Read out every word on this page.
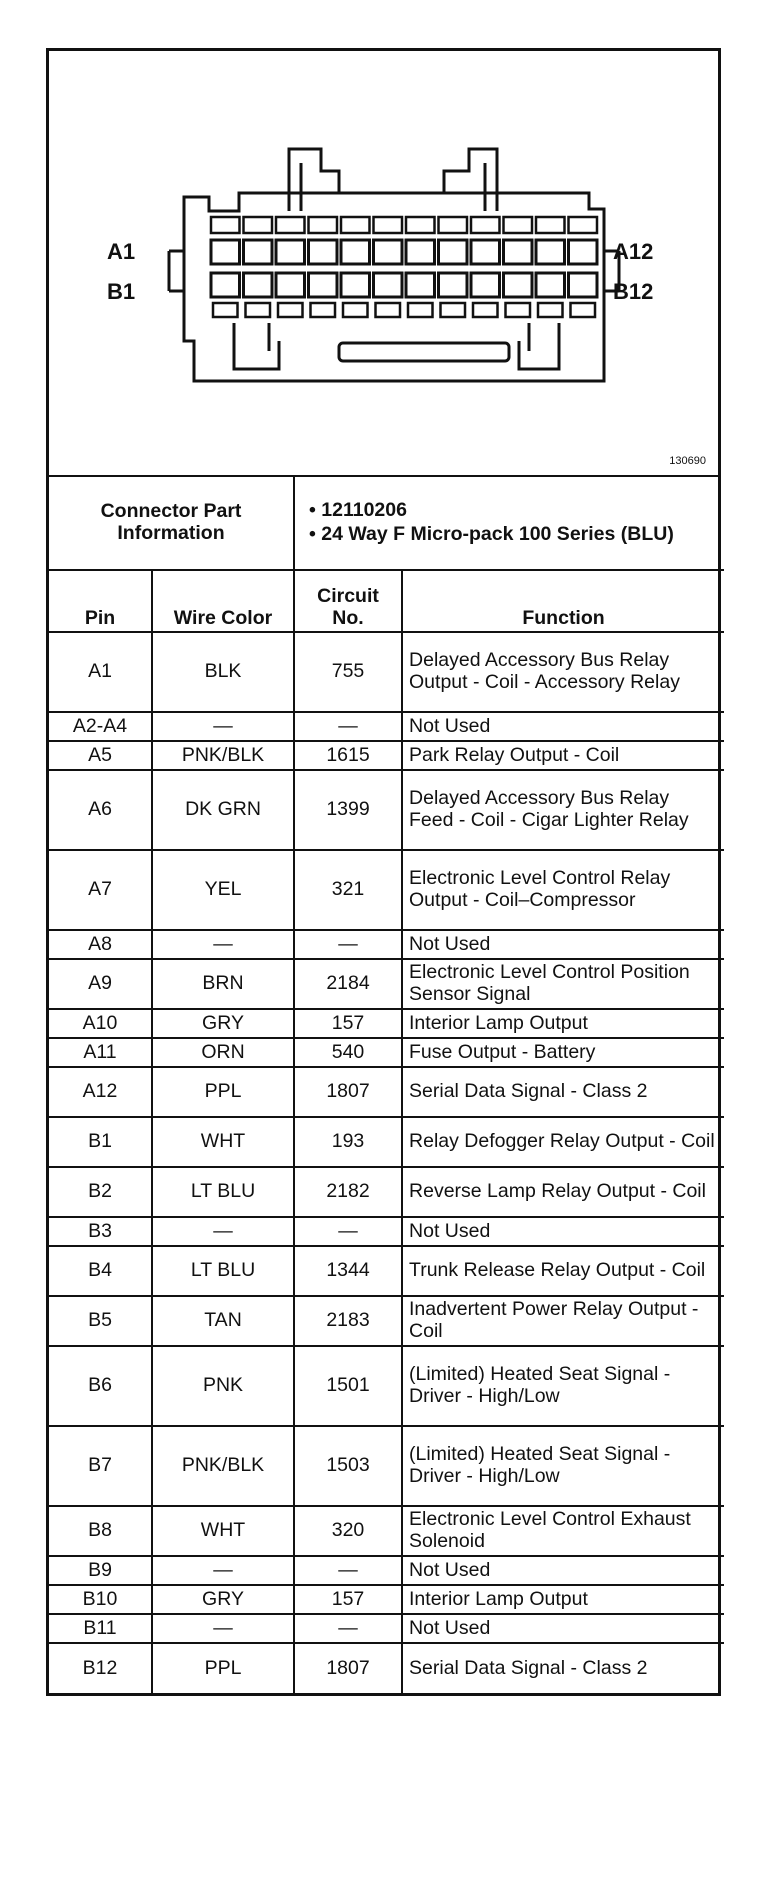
A1
B1
A12
B12
130690
Connector Part Information		• 12110206
• 24 Way F Micro-pack 100 Series (BLU)	

Pin	Wire Color	Circuit No.	Function
A1	BLK	755	Delayed Accessory Bus Relay Output - Coil - Accessory Relay
A2-A4	—	—	Not Used
A5	PNK/BLK	1615	Park Relay Output - Coil
A6	DK GRN	1399	Delayed Accessory Bus Relay Feed - Coil - Cigar Lighter Relay
A7	YEL	321	Electronic Level Control Relay Output - Coil–Compressor
A8	—	—	Not Used
A9	BRN	2184	Electronic Level Control Position Sensor Signal
A10	GRY	157	Interior Lamp Output
A11	ORN	540	Fuse Output - Battery
A12	PPL	1807	Serial Data Signal - Class 2
B1	WHT	193	Relay Defogger Relay Output - Coil
B2	LT BLU	2182	Reverse Lamp Relay Output - Coil
B3	—	—	Not Used
B4	LT BLU	1344	Trunk Release Relay Output - Coil
B5	TAN	2183	Inadvertent Power Relay Output - Coil
B6	PNK	1501	(Limited) Heated Seat Signal - Driver - High/Low
B7	PNK/BLK	1503	(Limited) Heated Seat Signal - Driver - High/Low
B8	WHT	320	Electronic Level Control Exhaust Solenoid
B9	—	—	Not Used
B10	GRY	157	Interior Lamp Output
B11	—	—	Not Used
B12	PPL	1807	Serial Data Signal - Class 2
